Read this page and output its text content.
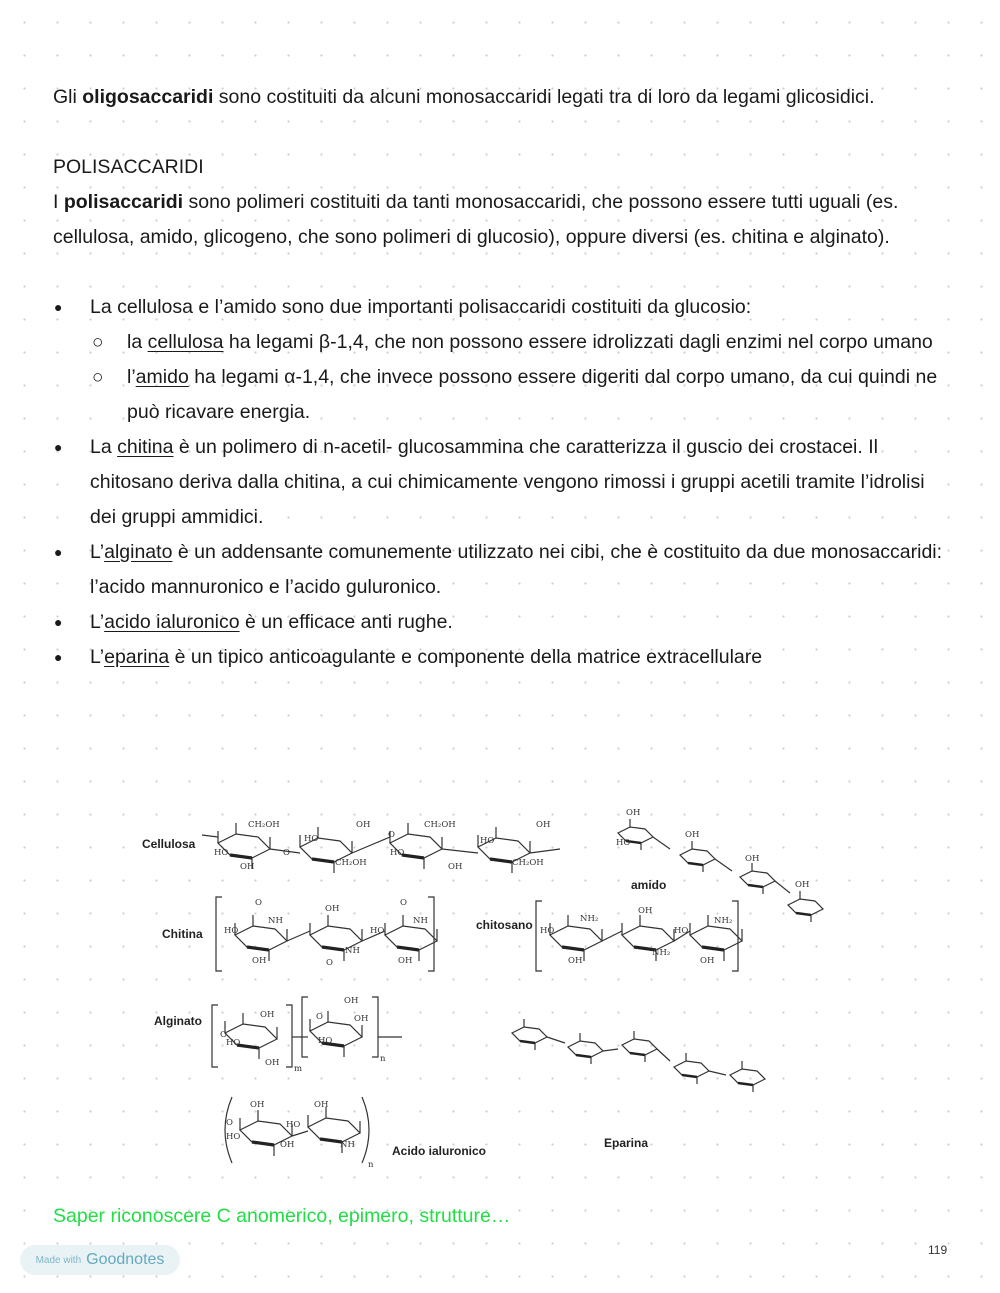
Gli oligosaccaridi sono costituiti da alcuni monosaccaridi legati tra di loro da legami glicosidici.

POLISACCARIDI

I polisaccaridi sono polimeri costituiti da tanti monosaccaridi, che possono essere tutti uguali (es. cellulosa, amido, glicogeno, che sono polimeri di glucosio), oppure diversi (es. chitina e alginato).

● La cellulosa e l’amido sono due importanti polisaccaridi costituiti da glucosio:
○ la cellulosa ha legami β-1,4, che non possono essere idrolizzati dagli enzimi nel corpo umano
○ l’amido ha legami α-1,4, che invece possono essere digeriti dal corpo umano, da cui quindi ne può ricavare energia.
● La chitina è un polimero di n-acetil- glucosammina che caratterizza il guscio dei crostacei. Il chitosano deriva dalla chitina, a cui chimicamente vengono rimossi i gruppi acetili tramite l’idrolisi dei gruppi ammidici.
● L’alginato è un addensante comunemente utilizzato nei cibi, che è costituito da due monosaccaridi: l’acido mannuronico e l’acido guluronico.
● L’acido ialuronico è un efficace anti rughe.
● L’eparina è un tipico anticoagulante e componente della matrice extracellulare
Cellulosa
CH₂OH
HO
OH
O
HO
CH₂OH
OH
O
CH₂OH
HO
OH
HO
CH₂OH
OH
OH
HO
OH
OH
OH
amido
Chitina
O
NH
HO
OH
OH
NH
O
O
NH
HO
OH
chitosano	NH₂
HO
OH
OH
NH₂
NH₂
HO
OH
Alginato
m
n
O
OH
HO
OH
OH
O	OH
HO
n
OH
O
HO
HO
OH
OH
NH	Acido ialuronico
Eparina
Saper riconoscere C anomerico, epimero, strutture…
119
Made with Goodnotes
